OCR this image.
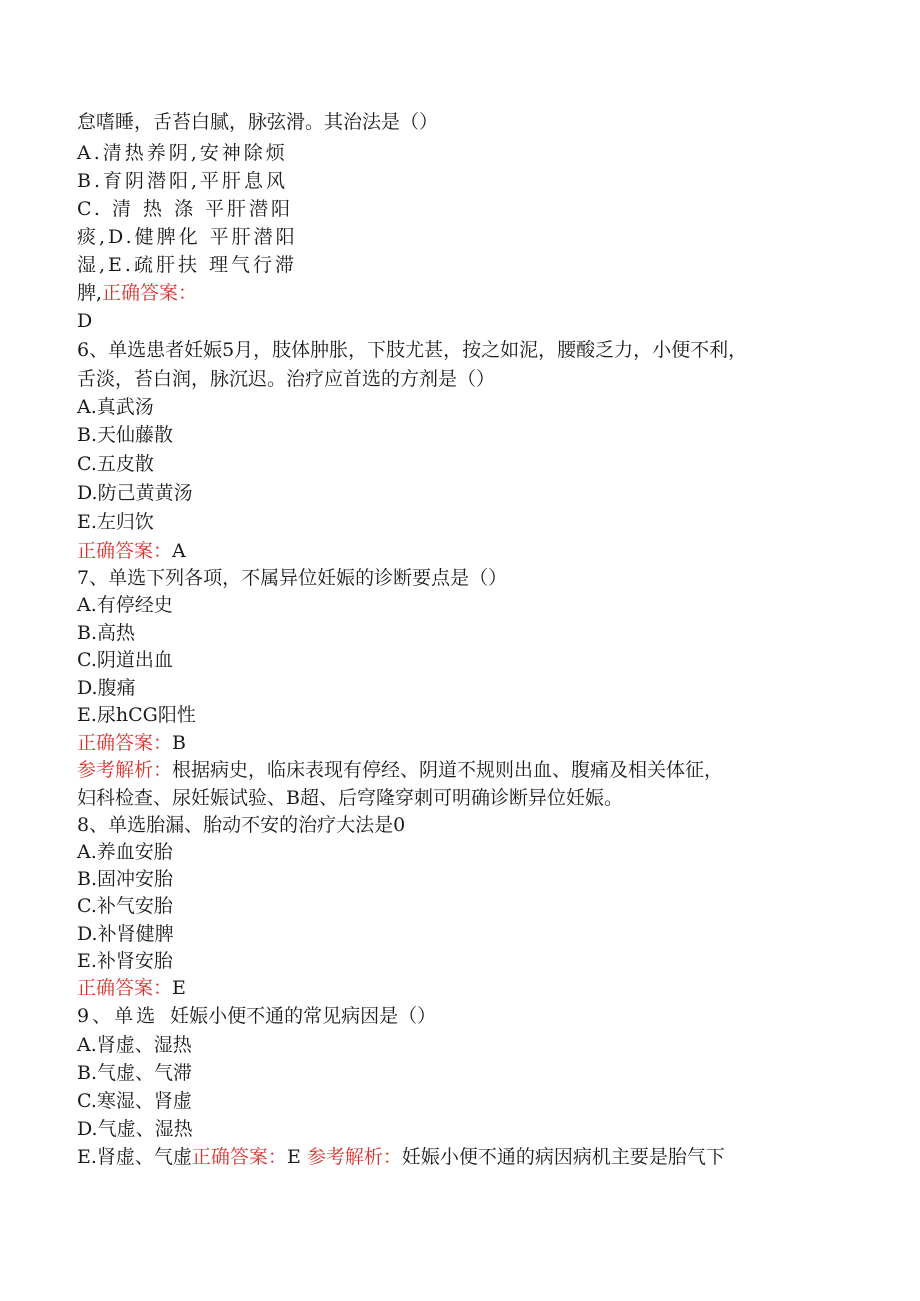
怠嗜睡，舌苔白腻，脉弦滑。其治法是（）
A.清热养阴,安神除烦
B.育阴潜阳,平肝息风
C. 清 热 涤 平肝潜阳
痰,D.健脾化 平肝潜阳
湿,E.疏肝扶 理气行滞
脾,正确答案：
D
6、单选患者妊娠5月，肢体肿胀，下肢尤甚，按之如泥，腰酸乏力，小便不利，
舌淡，苔白润，脉沉迟。治疗应首选的方剂是（）
A.真武汤
B.天仙藤散
C.五皮散
D.防己黄黄汤
E.左归饮
正确答案：A
7、单选下列各项，不属异位妊娠的诊断要点是（）
A.有停经史
B.高热
C.阴道出血
D.腹痛
E.尿hCG阳性
正确答案：B
参考解析：根据病史，临床表现有停经、阴道不规则出血、腹痛及相关体征，
妇科检查、尿妊娠试验、B超、后穹隆穿刺可明确诊断异位妊娠。
8、单选胎漏、胎动不安的治疗大法是0
A.养血安胎
B.固冲安胎
C.补气安胎
D.补肾健脾
E.补肾安胎
正确答案：E
9、单选 妊娠小便不通的常见病因是（）
A.肾虚、湿热
B.气虚、气滞
C.寒湿、肾虚
D.气虚、湿热
E.肾虚、气虚正确答案：E 参考解析：妊娠小便不通的病因病机主要是胎气下
